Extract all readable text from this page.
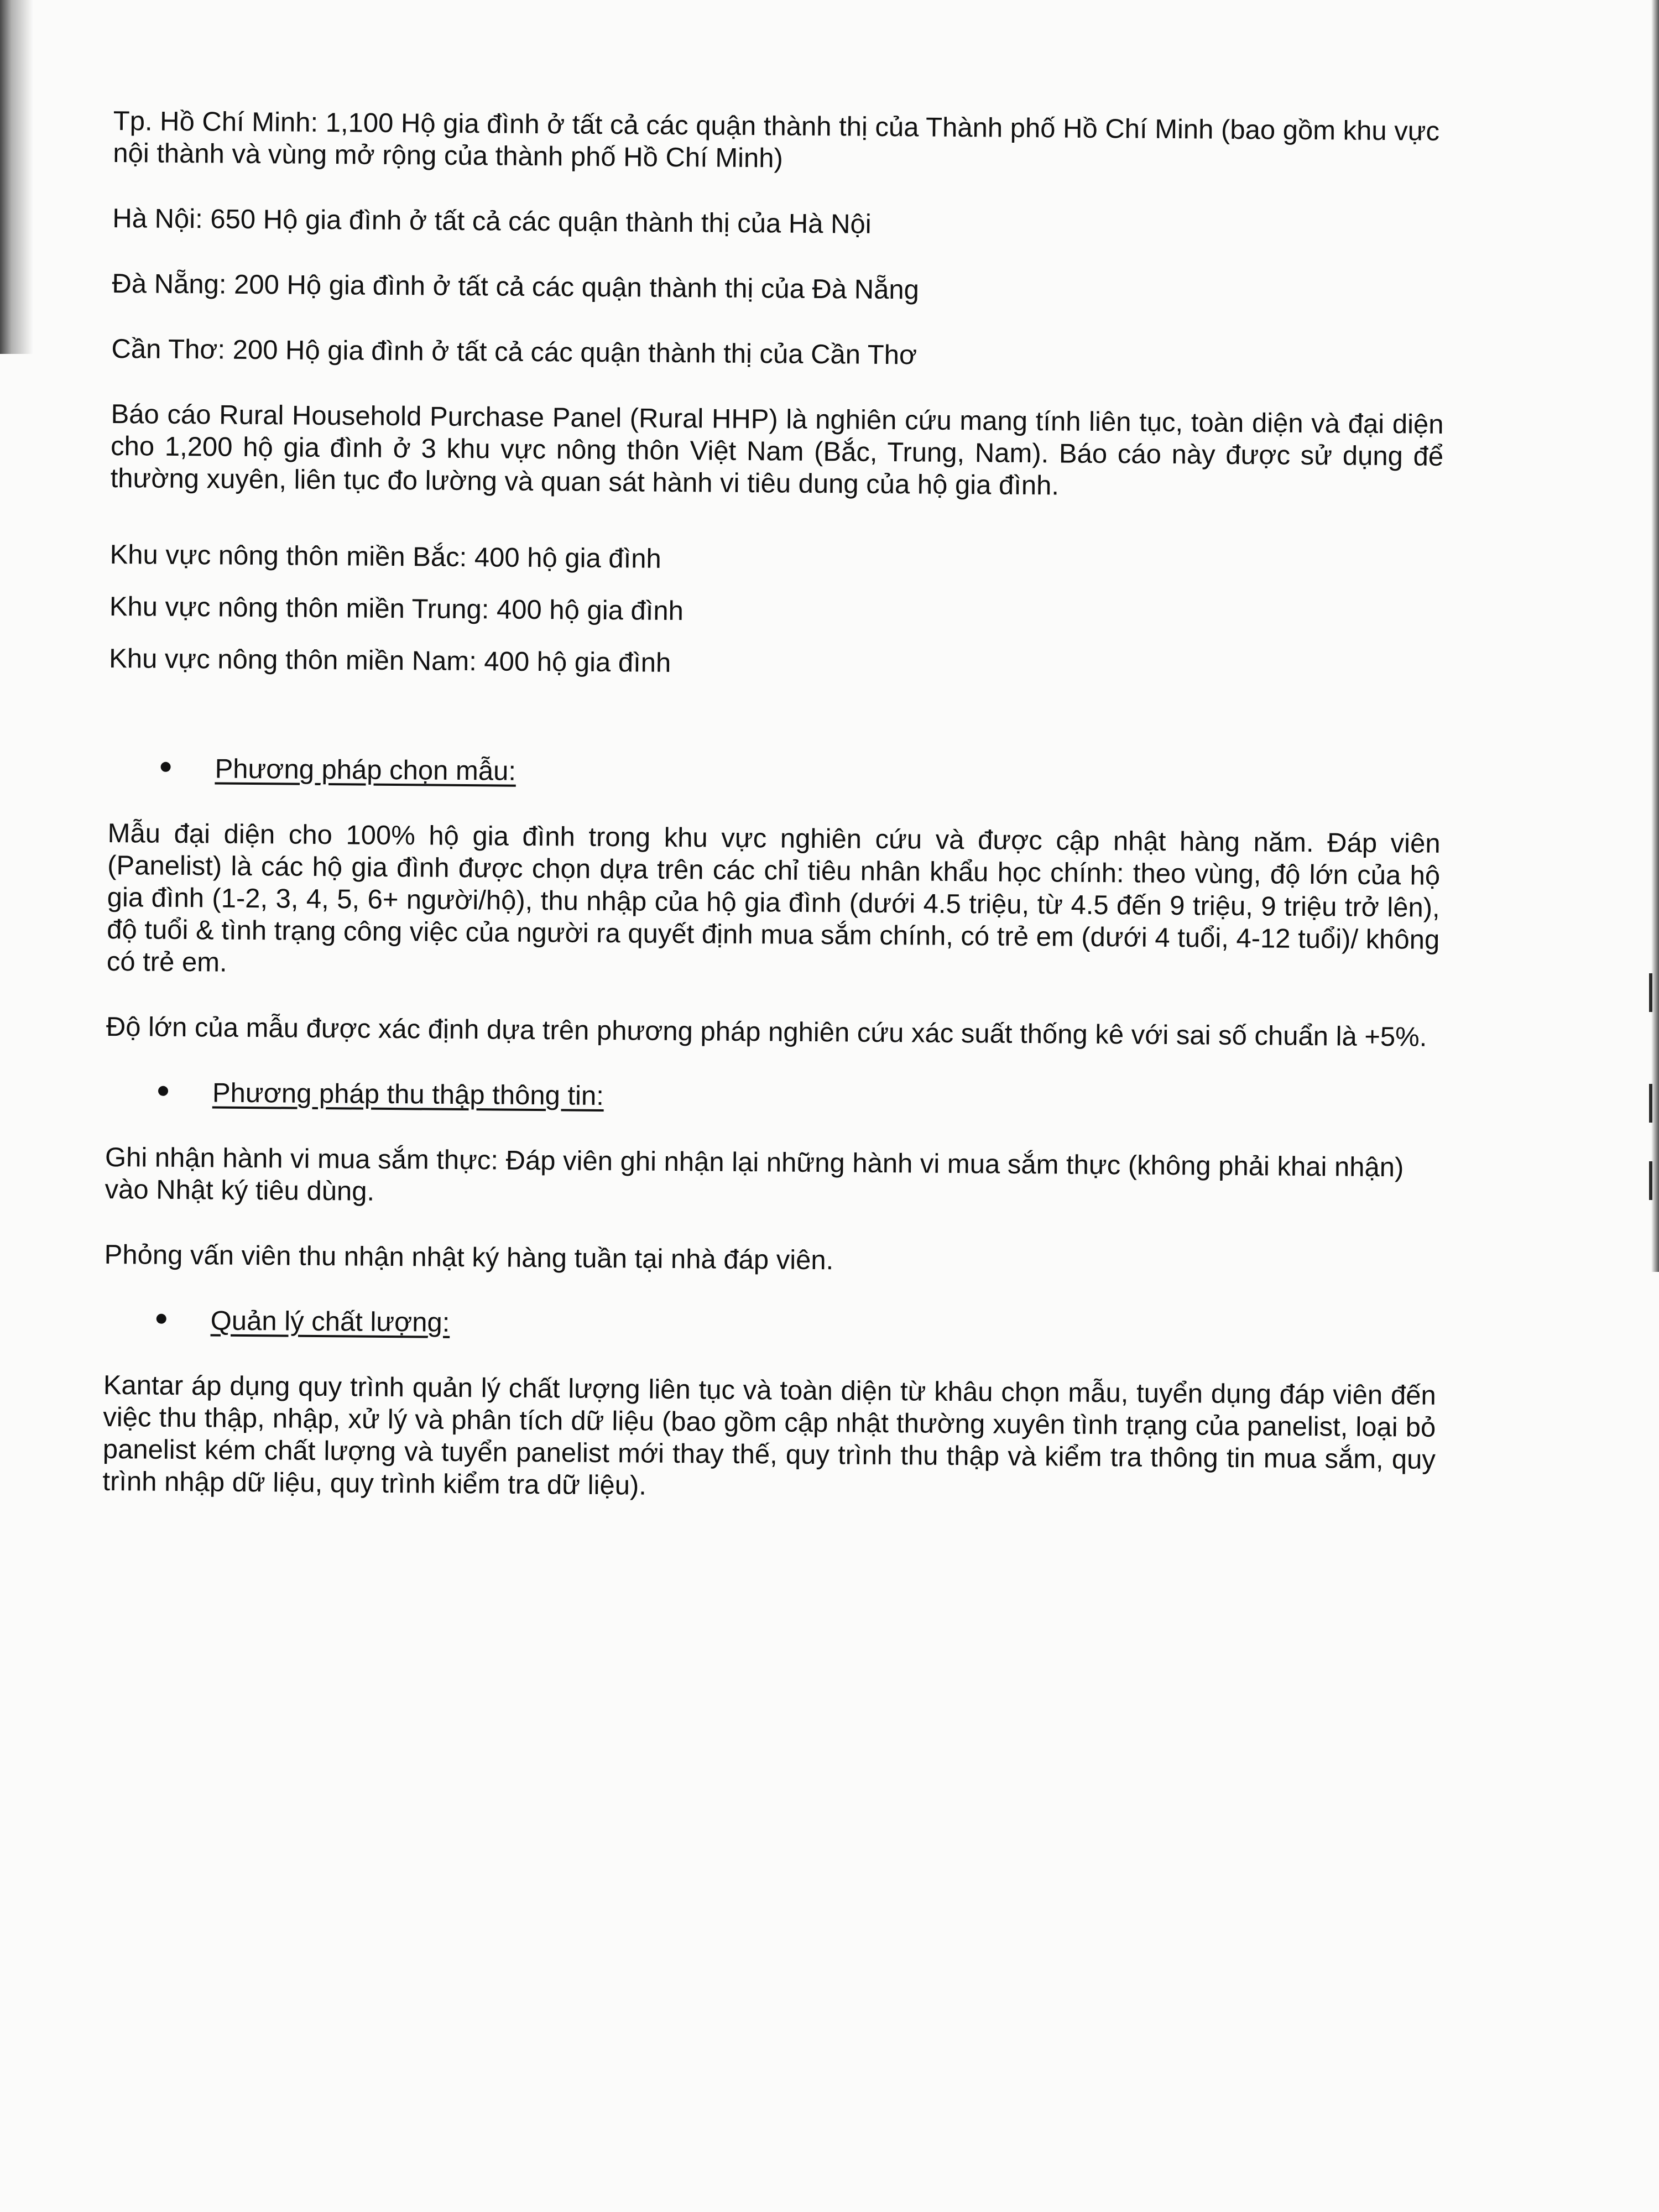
Tp. Hồ Chí Minh: 1,100 Hộ gia đình ở tất cả các quận thành thị của Thành phố Hồ Chí Minh (bao gồm khu vực nội thành và vùng mở rộng của thành phố Hồ Chí Minh)

Hà Nội: 650 Hộ gia đình ở tất cả các quận thành thị của Hà Nội

Đà Nẵng: 200 Hộ gia đình ở tất cả các quận thành thị của Đà Nẵng

Cần Thơ: 200 Hộ gia đình ở tất cả các quận thành thị của Cần Thơ

Báo cáo Rural Household Purchase Panel (Rural HHP) là nghiên cứu mang tính liên tục, toàn diện và đại diện cho 1,200 hộ gia đình ở 3 khu vực nông thôn Việt Nam (Bắc, Trung, Nam). Báo cáo này được sử dụng để thường xuyên, liên tục đo lường và quan sát hành vi tiêu dung của hộ gia đình.

Khu vực nông thôn miền Bắc: 400 hộ gia đình

Khu vực nông thôn miền Trung: 400 hộ gia đình

Khu vực nông thôn miền Nam: 400 hộ gia đình

Phương pháp chọn mẫu:

Mẫu đại diện cho 100% hộ gia đình trong khu vực nghiên cứu và được cập nhật hàng năm. Đáp viên (Panelist) là các hộ gia đình được chọn dựa trên các chỉ tiêu nhân khẩu học chính: theo vùng, độ lớn của hộ gia đình (1-2, 3, 4, 5, 6+ người/hộ), thu nhập của hộ gia đình (dưới 4.5 triệu, từ 4.5 đến 9 triệu, 9 triệu trở lên), độ tuổi & tình trạng công việc của người ra quyết định mua sắm chính, có trẻ em (dưới 4 tuổi, 4-12 tuổi)/ không có trẻ em.

Độ lớn của mẫu được xác định dựa trên phương pháp nghiên cứu xác suất thống kê với sai số chuẩn là +5%.

Phương pháp thu thập thông tin:

Ghi nhận hành vi mua sắm thực: Đáp viên ghi nhận lại những hành vi mua sắm thực (không phải khai nhận) vào Nhật ký tiêu dùng.

Phỏng vấn viên thu nhận nhật ký hàng tuần tại nhà đáp viên.

Quản lý chất lượng:

Kantar áp dụng quy trình quản lý chất lượng liên tục và toàn diện từ khâu chọn mẫu, tuyển dụng đáp viên đến việc thu thập, nhập, xử lý và phân tích dữ liệu (bao gồm cập nhật thường xuyên tình trạng của panelist, loại bỏ panelist kém chất lượng và tuyển panelist mới thay thế, quy trình thu thập và kiểm tra thông tin mua sắm, quy trình nhập dữ liệu, quy trình kiểm tra dữ liệu).
